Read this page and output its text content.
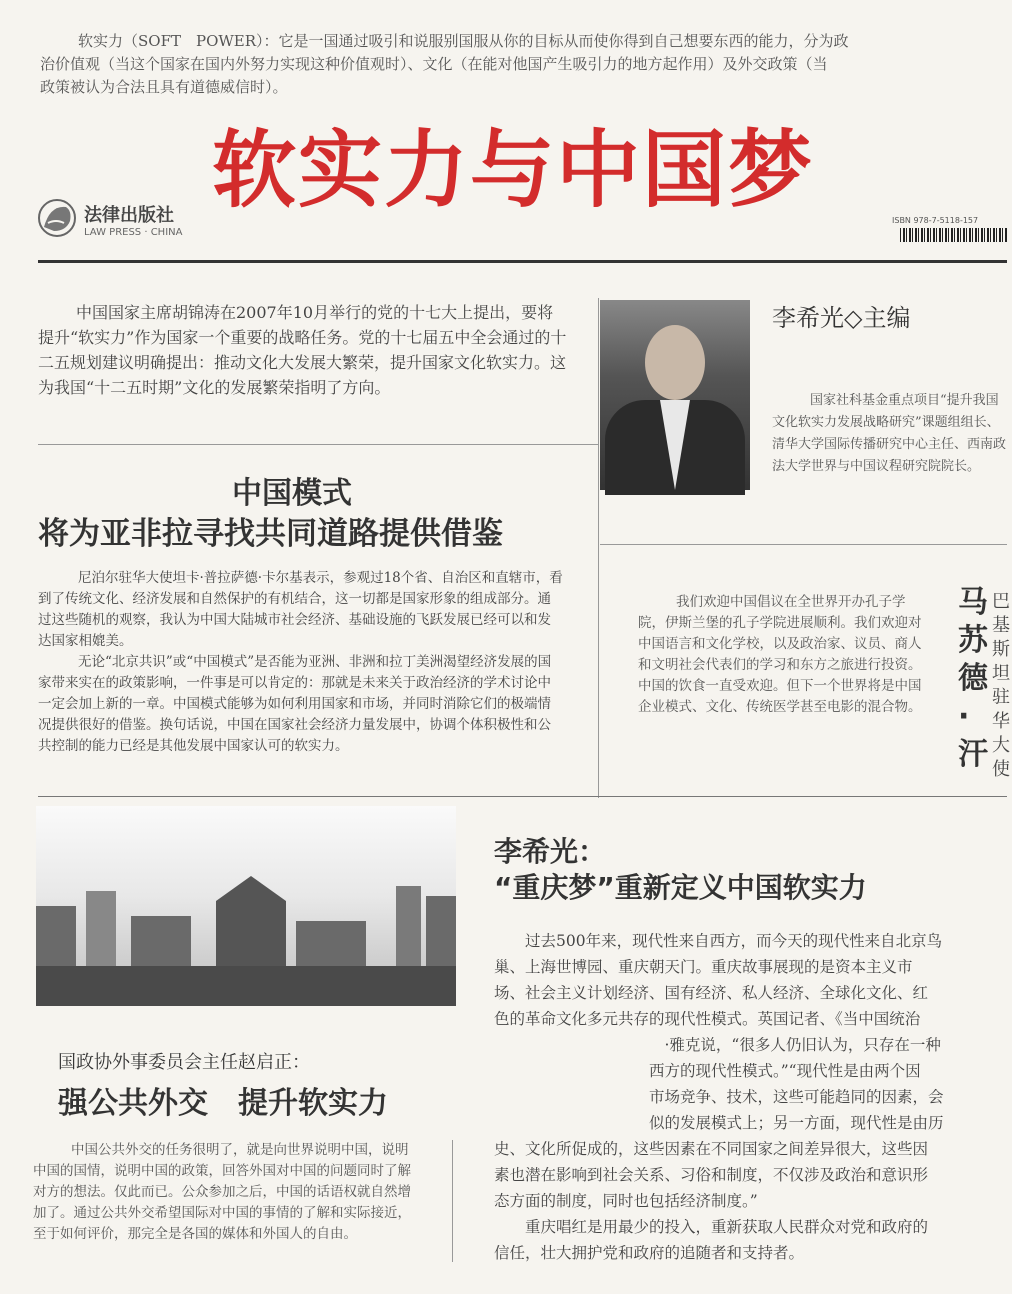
软实力（SOFT　POWER）：它是一国通过吸引和说服别国服从你的目标从而使你得到自己想要东西的能力，分为政
治价值观（当这个国家在国内外努力实现这种价值观时）、文化（在能对他国产生吸引力的地方起作用）及外交政策（当
政策被认为合法且具有道德威信时）。
法律出版社
LAW PRESS · CHINA
软实力与中国梦
ISBN 978-7-5118-157
中国国家主席胡锦涛在2007年10月举行的党的十七大上提出，要将提升“软实力”作为国家一个重要的战略任务。党的十七届五中全会通过的十二五规划建议明确提出：推动文化大发展大繁荣，提升国家文化软实力。这为我国“十二五时期”文化的发展繁荣指明了方向。
李希光◇主编
国家社科基金重点项目“提升我国文化软实力发展战略研究”课题组组长、清华大学国际传播研究中心主任、西南政法大学世界与中国议程研究院院长。
中国模式
将为亚非拉寻找共同道路提供借鉴
尼泊尔驻华大使坦卡·普拉萨德·卡尔基表示，参观过18个省、自治区和直辖市，看到了传统文化、经济发展和自然保护的有机结合，这一切都是国家形象的组成部分。通过这些随机的观察，我认为中国大陆城市社会经济、基础设施的飞跃发展已经可以和发达国家相媲美。
无论“北京共识”或“中国模式”是否能为亚洲、非洲和拉丁美洲渴望经济发展的国家带来实在的政策影响，一件事是可以肯定的：那就是未来关于政治经济的学术讨论中一定会加上新的一章。中国模式能够为如何利用国家和市场，并同时消除它们的极端情况提供很好的借鉴。换句话说，中国在国家社会经济力量发展中，协调个体积极性和公共控制的能力已经是其他发展中国家认可的软实力。
我们欢迎中国倡议在全世界开办孔子学院，伊斯兰堡的孔子学院进展顺利。我们欢迎对中国语言和文化学校，以及政治家、议员、商人和文明社会代表们的学习和东方之旅进行投资。中国的饮食一直受欢迎。但下一个世界将是中国企业模式、文化、传统医学甚至电影的混合物。
马苏德·汗
巴基斯坦驻华大使
李希光：
“重庆梦”重新定义中国软实力
　　过去500年来，现代性来自西方，而今天的现代性来自北京鸟
巢、上海世博园、重庆朝天门。重庆故事展现的是资本主义市
场、社会主义计划经济、国有经济、私人经济、全球化文化、红
色的革命文化多元共存的现代性模式。英国记者、《当中国统治
　　　　　　　　　　　·雅克说，“很多人仍旧认为，只存在一种
　　　　　　　　　　西方的现代性模式。”“现代性是由两个因
　　　　　　　　　　市场竞争、技术，这些可能趋同的因素，会
　　　　　　　　　　似的发展模式上；另一方面，现代性是由历
史、文化所促成的，这些因素在不同国家之间差异很大，这些因
素也潜在影响到社会关系、习俗和制度，不仅涉及政治和意识形
态方面的制度，同时也包括经济制度。”
　　重庆唱红是用最少的投入，重新获取人民群众对党和政府的
信任，壮大拥护党和政府的追随者和支持者。
国政协外事委员会主任赵启正：
强公共外交　提升软实力
中国公共外交的任务很明了，就是向世界说明中国，说明中国的国情，说明中国的政策，回答外国对中国的问题同时了解对方的想法。仅此而已。公众参加之后，中国的话语权就自然增加了。通过公共外交希望国际对中国的事情的了解和实际接近，至于如何评价，那完全是各国的媒体和外国人的自由。
